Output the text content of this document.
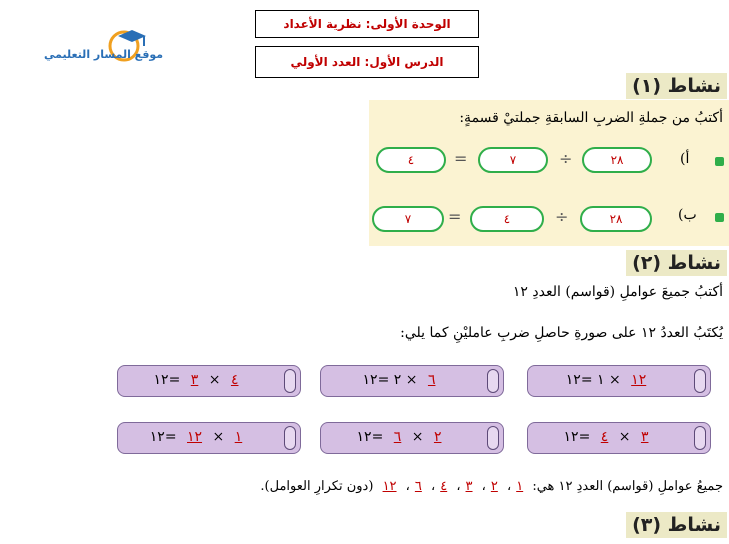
الوحدة الأولى: نظرية الأعداد
الدرس الأول: العدد الأولي
موقع المسار التعليمي
نشاط (١)
أكتبُ من جملةِ الضربِ السابقةِ جملتيْ قسمةٍ:
أ)
٢٨
÷
٧
=
٤
ب)
٢٨
÷
٤
=
٧
نشاط (٢)
أكتبُ جميعَ عواملِ (قواسم) العددِ ١٢
يُكتَبُ العددُ ١٢ على صورةِ حاصلِ ضربِ عامليْنِ كما يلي:
١٢ × ١ =١٢
٦ × ٢ =١٢
٤ × ٣ =١٢
٣ × ٤ =١٢
٢ × ٦ =١٢
١ × ١٢ =١٢
جميعُ عواملِ (قواسم) العددِ ١٢ هي: ١، ٢، ٣، ٤، ٦، ١٢ (دون تكرارِ العوامل).
نشاط (٣)
